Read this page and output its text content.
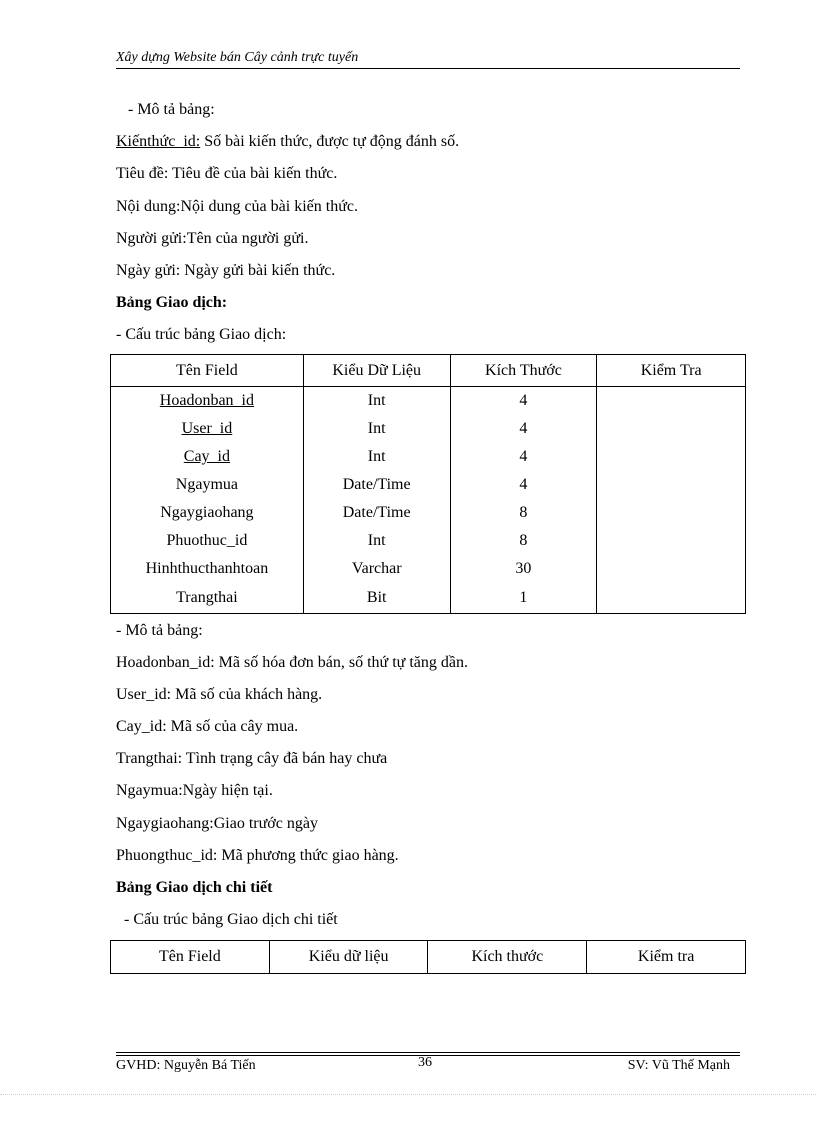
Xây dựng Website bán Cây cảnh trực tuyến
- Mô tả bảng:
Kiếnthức_id: Số bài kiến thức, được tự động đánh số.
Tiêu đề: Tiêu đề của bài kiến thức.
Nội dung:Nội dung của bài kiến thức.
Người gửi:Tên của người gửi.
Ngày gửi: Ngày gửi bài kiến thức.
Bảng Giao dịch:
- Cấu trúc bảng Giao dịch:
Tên Field	Kiểu Dữ Liệu	Kích Thước	Kiểm Tra
Hoadonban_id	Int	4	
User_id	Int	4	
Cay_id	Int	4	
Ngaymua	Date/Time	4	
Ngaygiaohang	Date/Time	8	
Phuothuc_id	Int	8	
Hinhthucthanhtoan	Varchar	30	
Trangthai	Bit	1	
- Mô tả bảng:
Hoadonban_id: Mã số hóa đơn bán, số thứ tự tăng dần.
User_id: Mã số của khách hàng.
Cay_id: Mã số của cây mua.
Trangthai: Tình trạng cây đã bán hay chưa
Ngaymua:Ngày hiện tại.
Ngaygiaohang:Giao trước ngày
Phuongthuc_id: Mã phương thức giao hàng.
Bảng Giao dịch chi tiết
- Cấu trúc bảng Giao dịch chi tiết
Tên Field	Kiểu dữ liệu	Kích thước	Kiểm tra
GVHD: Nguyễn Bá Tiến	36	SV: Vũ Thế Mạnh
